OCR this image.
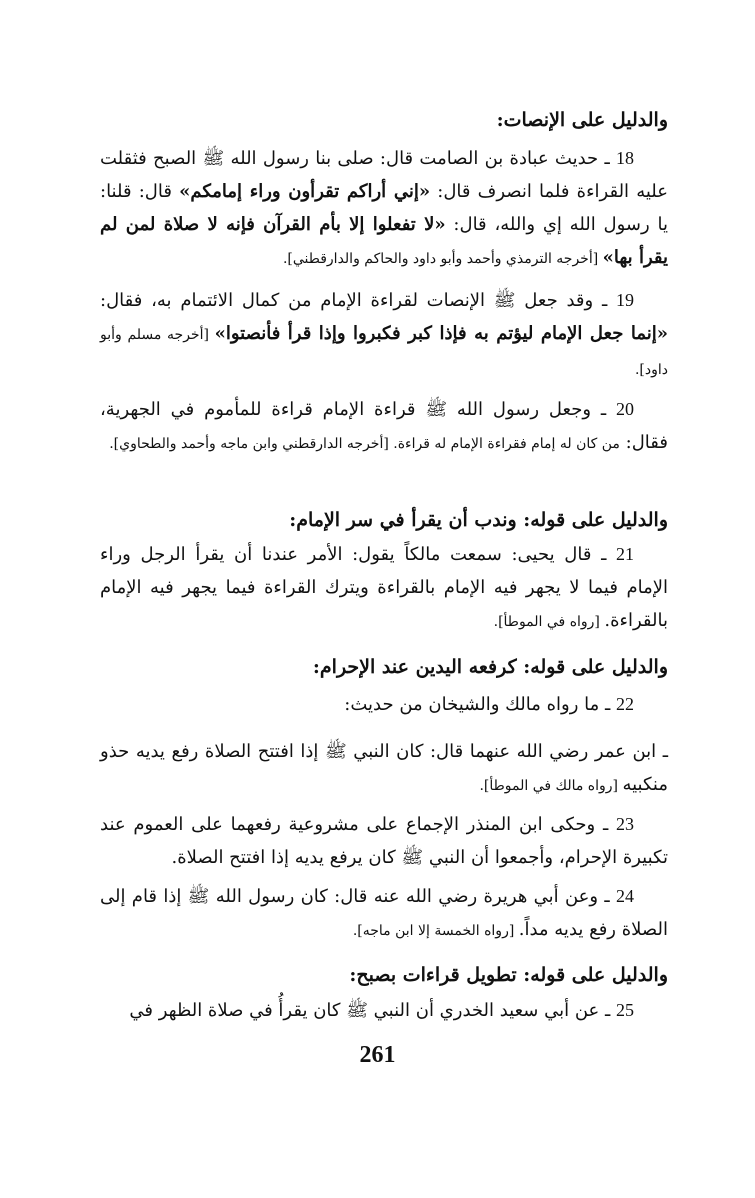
والدليل على الإنصات:
18 ـ حديث عبادة بن الصامت قال: صلى بنا رسول الله ﷺ الصبح فثقلت عليه القراءة فلما انصرف قال: «إني أراكم تقرأون وراء إمامكم» قال: قلنا: يا رسول الله إي والله، قال: «لا تفعلوا إلا بأم القرآن فإنه لا صلاة لمن لم يقرأ بها» [أخرجه الترمذي وأحمد وأبو داود والحاكم والدارقطني].
19 ـ وقد جعل ﷺ الإنصات لقراءة الإمام من كمال الائتمام به، فقال: «إنما جعل الإمام ليؤتم به فإذا كبر فكبروا وإذا قرأ فأنصتوا» [أخرجه مسلم وأبو داود].
20 ـ وجعل رسول الله ﷺ قراءة الإمام قراءة للمأموم في الجهرية، فقال: من كان له إمام فقراءة الإمام له قراءة. [أخرجه الدارقطني وابن ماجه وأحمد والطحاوي].
والدليل على قوله: وندب أن يقرأ في سر الإمام:
21 ـ قال يحيى: سمعت مالكاً يقول: الأمر عندنا أن يقرأ الرجل وراء الإمام فيما لا يجهر فيه الإمام بالقراءة ويترك القراءة فيما يجهر فيه الإمام بالقراءة. [رواه في الموطأ].
والدليل على قوله: كرفعه اليدين عند الإحرام:
22 ـ ما رواه مالك والشيخان من حديث:
ـ ابن عمر رضي الله عنهما قال: كان النبي ﷺ إذا افتتح الصلاة رفع يديه حذو منكبيه [رواه مالك في الموطأ].
23 ـ وحكى ابن المنذر الإجماع على مشروعية رفعهما على العموم عند تكبيرة الإحرام، وأجمعوا أن النبي ﷺ كان يرفع يديه إذا افتتح الصلاة.
24 ـ وعن أبي هريرة رضي الله عنه قال: كان رسول الله ﷺ إذا قام إلى الصلاة رفع يديه مداً. [رواه الخمسة إلا ابن ماجه].
والدليل على قوله: تطويل قراءات بصبح:
25 ـ عن أبي سعيد الخدري أن النبي ﷺ كان يقرأُ في صلاة الظهر في
261
